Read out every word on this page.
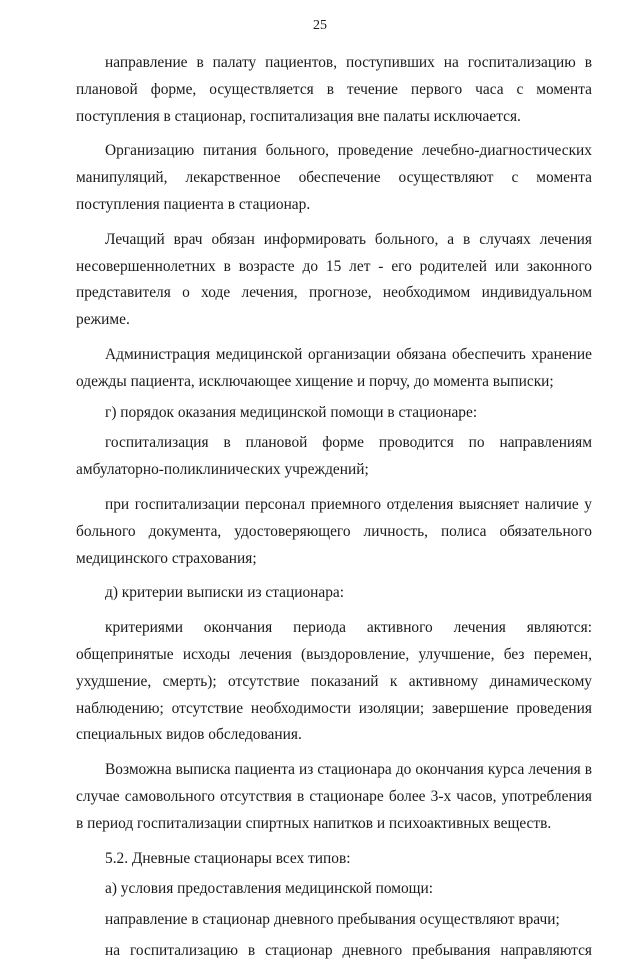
25

направление в палату пациентов, поступивших на госпитализацию в плановой форме, осуществляется в течение первого часа с момента поступления в стационар, госпитализация вне палаты исключается.

Организацию питания больного, проведение лечебно-диагностических манипуляций, лекарственное обеспечение осуществляют с момента поступления пациента в стационар.

Лечащий врач обязан информировать больного, а в случаях лечения несовершеннолетних в возрасте до 15 лет - его родителей или законного представителя о ходе лечения, прогнозе, необходимом индивидуальном режиме.

Администрация медицинской организации обязана обеспечить хранение одежды пациента, исключающее хищение и порчу, до момента выписки;

г) порядок оказания медицинской помощи в стационаре:

госпитализация в плановой форме проводится по направлениям амбулаторно-поликлинических учреждений;

при госпитализации персонал приемного отделения выясняет наличие у больного документа, удостоверяющего личность, полиса обязательного медицинского страхования;

д) критерии выписки из стационара:

критериями окончания периода активного лечения являются: общепринятые исходы лечения (выздоровление, улучшение, без перемен, ухудшение, смерть); отсутствие показаний к активному динамическому наблюдению; отсутствие необходимости изоляции; завершение проведения специальных видов обследования.

Возможна выписка пациента из стационара до окончания курса лечения в случае самовольного отсутствия в стационаре более 3-х часов, употребления в период госпитализации спиртных напитков и психоактивных веществ.

5.2. Дневные стационары всех типов:

а) условия предоставления медицинской помощи:

направление в стационар дневного пребывания осуществляют врачи;

на госпитализацию в стационар дневного пребывания направляются
